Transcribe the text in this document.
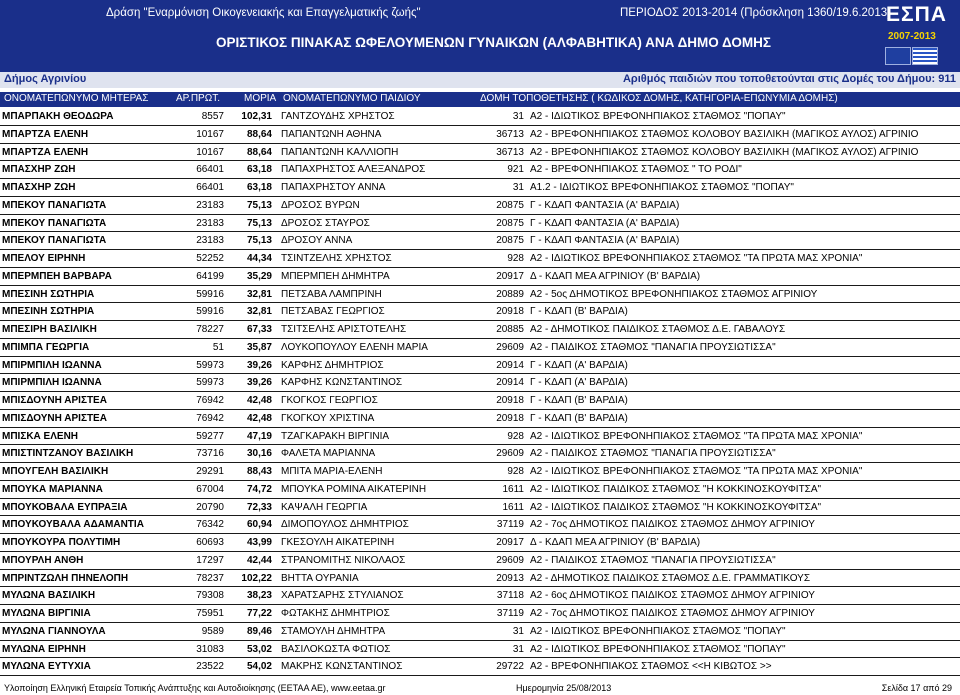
Δράση "Εναρμόνιση Οικογενειακής και Επαγγελματικής ζωής"	ΠΕΡΙΟΔΟΣ 2013-2014 (Πρόσκληση 1360/19.6.2013)
ΟΡΙΣΤΙΚΟΣ ΠΙΝΑΚΑΣ ΩΦΕΛΟΥΜΕΝΩΝ ΓΥΝΑΙΚΩΝ (ΑΛΦΑΒΗΤΙΚΑ) ΑΝΑ ΔΗΜΟ ΔΟΜΗΣ
ΕΣΠΑ
2007-2013
Δήμος Αγρινίου	Αριθμός παιδιών που τοποθετούνται στις Δομές του Δήμου: 911
ΟΝΟΜΑΤΕΠΩΝΥΜΟ ΜΗΤΕΡΑΣ	ΑΡ.ΠΡΩΤ. ΜΟΡΙΑ ΟΝΟΜΑΤΕΠΩΝΥΜΟ ΠΑΙΔΙΟΥ	ΔΟΜΗ ΤΟΠΟΘΕΤΗΣΗΣ ( ΚΩΔΙΚΟΣ ΔΟΜΗΣ, ΚΑΤΗΓΟΡΙΑ-ΕΠΩΝΥΜΙΑ ΔΟΜΗΣ)
ΜΠΑΡΠΑΚΗ ΘΕΟΔΩΡΑ	8557 102,31 ΓΑΝΤΖΟΥΔΗΣ ΧΡΗΣΤΟΣ	31 Α2 - ΙΔΙΩΤΙΚΟΣ ΒΡΕΦΟΝΗΠΙΑΚΟΣ ΣΤΑΘΜΟΣ "ΠΟΠΑΥ"
ΜΠΑΡΤΖΑ ΕΛΕΝΗ	10167 88,64 ΠΑΠΑΝΤΩΝΗ ΑΘΗΝΑ	36713 Α2 - ΒΡΕΦΟΝΗΠΙΑΚΟΣ ΣΤΑΘΜΟΣ ΚΟΛΟΒΟΥ ΒΑΣΙΛΙΚΗ (ΜΑΓΙΚΟΣ ΑΥΛΟΣ) ΑΓΡΙΝΙΟ
ΜΠΑΡΤΖΑ ΕΛΕΝΗ	10167 88,64 ΠΑΠΑΝΤΩΝΗ ΚΑΛΛΙΟΠΗ	36713 Α2 - ΒΡΕΦΟΝΗΠΙΑΚΟΣ ΣΤΑΘΜΟΣ ΚΟΛΟΒΟΥ ΒΑΣΙΛΙΚΗ (ΜΑΓΙΚΟΣ ΑΥΛΟΣ) ΑΓΡΙΝΙΟ
ΜΠΑΣΧΗΡ ΖΩΗ	66401 63,18 ΠΑΠΑΧΡΗΣΤΟΣ ΑΛΕΞΑΝΔΡΟΣ	921 Α2 - ΒΡΕΦΟΝΗΠΙΑΚΟΣ ΣΤΑΘΜΟΣ " ΤΟ ΡΟΔΙ"
ΜΠΑΣΧΗΡ ΖΩΗ	66401 63,18 ΠΑΠΑΧΡΗΣΤΟΥ ΑΝΝΑ	31 Α1.2 - ΙΔΙΩΤΙΚΟΣ ΒΡΕΦΟΝΗΠΙΑΚΟΣ ΣΤΑΘΜΟΣ "ΠΟΠΑΥ"
ΜΠΕΚΟΥ ΠΑΝΑΓΙΩΤΑ	23183 75,13 ΔΡΟΣΟΣ ΒΥΡΩΝ	20875 Γ - ΚΔΑΠ ΦΑΝΤΑΣΙΑ (Α' ΒΑΡΔΙΑ)
ΜΠΕΚΟΥ ΠΑΝΑΓΙΩΤΑ	23183 75,13 ΔΡΟΣΟΣ ΣΤΑΥΡΟΣ	20875 Γ - ΚΔΑΠ ΦΑΝΤΑΣΙΑ (Α' ΒΑΡΔΙΑ)
ΜΠΕΚΟΥ ΠΑΝΑΓΙΩΤΑ	23183 75,13 ΔΡΟΣΟΥ ΑΝΝΑ	20875 Γ - ΚΔΑΠ ΦΑΝΤΑΣΙΑ (Α' ΒΑΡΔΙΑ)
ΜΠΕΛΟΥ ΕΙΡΗΝΗ	52252 44,34 ΤΣΙΝΤΖΕΛΗΣ ΧΡΗΣΤΟΣ	928 Α2 - ΙΔΙΩΤΙΚΟΣ ΒΡΕΦΟΝΗΠΙΑΚΟΣ ΣΤΑΘΜΟΣ "ΤΑ ΠΡΩΤΑ ΜΑΣ ΧΡΟΝΙΑ"
ΜΠΕΡΜΠΕΗ ΒΑΡΒΑΡΑ	64199 35,29 ΜΠΕΡΜΠΕΗ ΔΗΜΗΤΡΑ	20917 Δ - ΚΔΑΠ ΜΕΑ ΑΓΡΙΝΙΟΥ (Β' ΒΑΡΔΙΑ)
ΜΠΕΣΙΝΗ ΣΩΤΗΡΙΑ	59916 32,81 ΠΕΤΣΑΒΑ ΛΑΜΠΡΙΝΗ	20889 Α2 - 5ος ΔΗΜΟΤΙΚΟΣ ΒΡΕΦΟΝΗΠΙΑΚΟΣ ΣΤΑΘΜΟΣ ΑΓΡΙΝΙΟΥ
ΜΠΕΣΙΝΗ ΣΩΤΗΡΙΑ	59916 32,81 ΠΕΤΣΑΒΑΣ ΓΕΩΡΓΙΟΣ	20918 Γ - ΚΔΑΠ (Β' ΒΑΡΔΙΑ)
ΜΠΕΣΙΡΗ ΒΑΣΙΛΙΚΗ	78227 67,33 ΤΣΙΤΣΕΛΗΣ ΑΡΙΣΤΟΤΕΛΗΣ	20885 Α2 - ΔΗΜΟΤΙΚΟΣ ΠΑΙΔΙΚΟΣ ΣΤΑΘΜΟΣ Δ.Ε. ΓΑΒΑΛΟΥΣ
ΜΠΙΜΠΑ ΓΕΩΡΓΙΑ	51 35,87 ΛΟΥΚΟΠΟΥΛΟΥ ΕΛΕΝΗ ΜΑΡΙΑ	29609 Α2 - ΠΑΙΔΙΚΟΣ ΣΤΑΘΜΟΣ "ΠΑΝΑΓΙΑ ΠΡΟΥΣΙΩΤΙΣΣΑ"
ΜΠΙΡΜΠΙΛΗ ΙΩΑΝΝΑ	59973 39,26 ΚΑΡΦΗΣ ΔΗΜΗΤΡΙΟΣ	20914 Γ - ΚΔΑΠ (Α' ΒΑΡΔΙΑ)
ΜΠΙΡΜΠΙΛΗ ΙΩΑΝΝΑ	59973 39,26 ΚΑΡΦΗΣ ΚΩΝΣΤΑΝΤΙΝΟΣ	20914 Γ - ΚΔΑΠ (Α' ΒΑΡΔΙΑ)
ΜΠΙΣΔΟΥΝΗ ΑΡΙΣΤΕΑ	76942 42,48 ΓΚΟΓΚΟΣ ΓΕΩΡΓΙΟΣ	20918 Γ - ΚΔΑΠ (Β' ΒΑΡΔΙΑ)
ΜΠΙΣΔΟΥΝΗ ΑΡΙΣΤΕΑ	76942 42,48 ΓΚΟΓΚΟΥ ΧΡΙΣΤΙΝΑ	20918 Γ - ΚΔΑΠ (Β' ΒΑΡΔΙΑ)
ΜΠΙΣΚΑ ΕΛΕΝΗ	59277 47,19 ΤΖΑΓΚΑΡΑΚΗ ΒΙΡΓΙΝΙΑ	928 Α2 - ΙΔΙΩΤΙΚΟΣ ΒΡΕΦΟΝΗΠΙΑΚΟΣ ΣΤΑΘΜΟΣ "ΤΑ ΠΡΩΤΑ ΜΑΣ ΧΡΟΝΙΑ"
ΜΠΙΣΤΙΝΤΖΑΝΟΥ ΒΑΣΙΛΙΚΗ	73716 30,16 ΦΑΛΕΤΑ ΜΑΡΙΑΝΝΑ	29609 Α2 - ΠΑΙΔΙΚΟΣ ΣΤΑΘΜΟΣ "ΠΑΝΑΓΙΑ ΠΡΟΥΣΙΩΤΙΣΣΑ"
ΜΠΟΥΓΕΛΗ ΒΑΣΙΛΙΚΗ	29291 88,43 ΜΠΙΤΑ ΜΑΡΙΑ-ΕΛΕΝΗ	928 Α2 - ΙΔΙΩΤΙΚΟΣ ΒΡΕΦΟΝΗΠΙΑΚΟΣ ΣΤΑΘΜΟΣ "ΤΑ ΠΡΩΤΑ ΜΑΣ ΧΡΟΝΙΑ"
ΜΠΟΥΚΑ ΜΑΡΙΑΝΝΑ	67004 74,72 ΜΠΟΥΚΑ ΡΟΜΙΝΑ ΑΙΚΑΤΕΡΙΝΗ	1611 Α2 - ΙΔΙΩΤΙΚΟΣ ΠΑΙΔΙΚΟΣ ΣΤΑΘΜΟΣ "Η ΚΟΚΚΙΝΟΣΚΟΥΦΙΤΣΑ"
ΜΠΟΥΚΟΒΑΛΑ ΕΥΠΡΑΞΙΑ	20790 72,33 ΚΑΨΑΛΗ ΓΕΩΡΓΙΑ	1611 Α2 - ΙΔΙΩΤΙΚΟΣ ΠΑΙΔΙΚΟΣ ΣΤΑΘΜΟΣ "Η ΚΟΚΚΙΝΟΣΚΟΥΦΙΤΣΑ"
ΜΠΟΥΚΟΥΒΑΛΑ ΑΔΑΜΑΝΤΙΑ	76342 60,94 ΔΙΜΟΠΟΥΛΟΣ ΔΗΜΗΤΡΙΟΣ	37119 Α2 - 7ος ΔΗΜΟΤΙΚΟΣ ΠΑΙΔΙΚΟΣ ΣΤΑΘΜΟΣ ΔΗΜΟΥ ΑΓΡΙΝΙΟΥ
ΜΠΟΥΚΟΥΡΑ ΠΟΛΥΤΙΜΗ	60693 43,99 ΓΚΕΣΟΥΛΗ ΑΙΚΑΤΕΡΙΝΗ	20917 Δ - ΚΔΑΠ ΜΕΑ ΑΓΡΙΝΙΟΥ (Β' ΒΑΡΔΙΑ)
ΜΠΟΥΡΛΗ ΑΝΘΗ	17297 42,44 ΣΤΡΑΝΟΜΙΤΗΣ ΝΙΚΟΛΑΟΣ	29609 Α2 - ΠΑΙΔΙΚΟΣ ΣΤΑΘΜΟΣ "ΠΑΝΑΓΙΑ ΠΡΟΥΣΙΩΤΙΣΣΑ"
ΜΠΡΙΝΤΖΩΛΗ ΠΗΝΕΛΟΠΗ	78237 102,22 ΒΗΤΤΑ ΟΥΡΑΝΙΑ	20913 Α2 - ΔΗΜΟΤΙΚΟΣ ΠΑΙΔΙΚΟΣ ΣΤΑΘΜΟΣ Δ.Ε. ΓΡΑΜΜΑΤΙΚΟΥΣ
ΜΥΛΩΝΑ ΒΑΣΙΛΙΚΗ	79308 38,23 ΧΑΡΑΤΣΑΡΗΣ ΣΤΥΛΙΑΝΟΣ	37118 Α2 - 6ος ΔΗΜΟΤΙΚΟΣ ΠΑΙΔΙΚΟΣ ΣΤΑΘΜΟΣ ΔΗΜΟΥ ΑΓΡΙΝΙΟΥ
ΜΥΛΩΝΑ ΒΙΡΓΙΝΙΑ	75951 77,22 ΦΩΤΑΚΗΣ ΔΗΜΗΤΡΙΟΣ	37119 Α2 - 7ος ΔΗΜΟΤΙΚΟΣ ΠΑΙΔΙΚΟΣ ΣΤΑΘΜΟΣ ΔΗΜΟΥ ΑΓΡΙΝΙΟΥ
ΜΥΛΩΝΑ ΓΙΑΝΝΟΥΛΑ	9589 89,46 ΣΤΑΜΟΥΛΗ ΔΗΜΗΤΡΑ	31 Α2 - ΙΔΙΩΤΙΚΟΣ ΒΡΕΦΟΝΗΠΙΑΚΟΣ ΣΤΑΘΜΟΣ "ΠΟΠΑΥ"
ΜΥΛΩΝΑ ΕΙΡΗΝΗ	31083 53,02 ΒΑΣΙΛΟΚΩΣΤΑ ΦΩΤΙΟΣ	31 Α2 - ΙΔΙΩΤΙΚΟΣ ΒΡΕΦΟΝΗΠΙΑΚΟΣ ΣΤΑΘΜΟΣ "ΠΟΠΑΥ"
ΜΥΛΩΝΑ ΕΥΤΥΧΙΑ	23522 54,02 ΜΑΚΡΗΣ ΚΩΝΣΤΑΝΤΙΝΟΣ	29722 Α2 - ΒΡΕΦΟΝΗΠΙΑΚΟΣ ΣΤΑΘΜΟΣ <<Η ΚΙΒΩΤΟΣ >>
Υλοποίηση Ελληνική Εταιρεία Τοπικής Ανάπτυξης και Αυτοδιοίκησης (ΕΕΤΑΑ ΑΕ), www.eetaa.gr	Ημερομηνία 25/08/2013	Σελίδα 17 από 29
